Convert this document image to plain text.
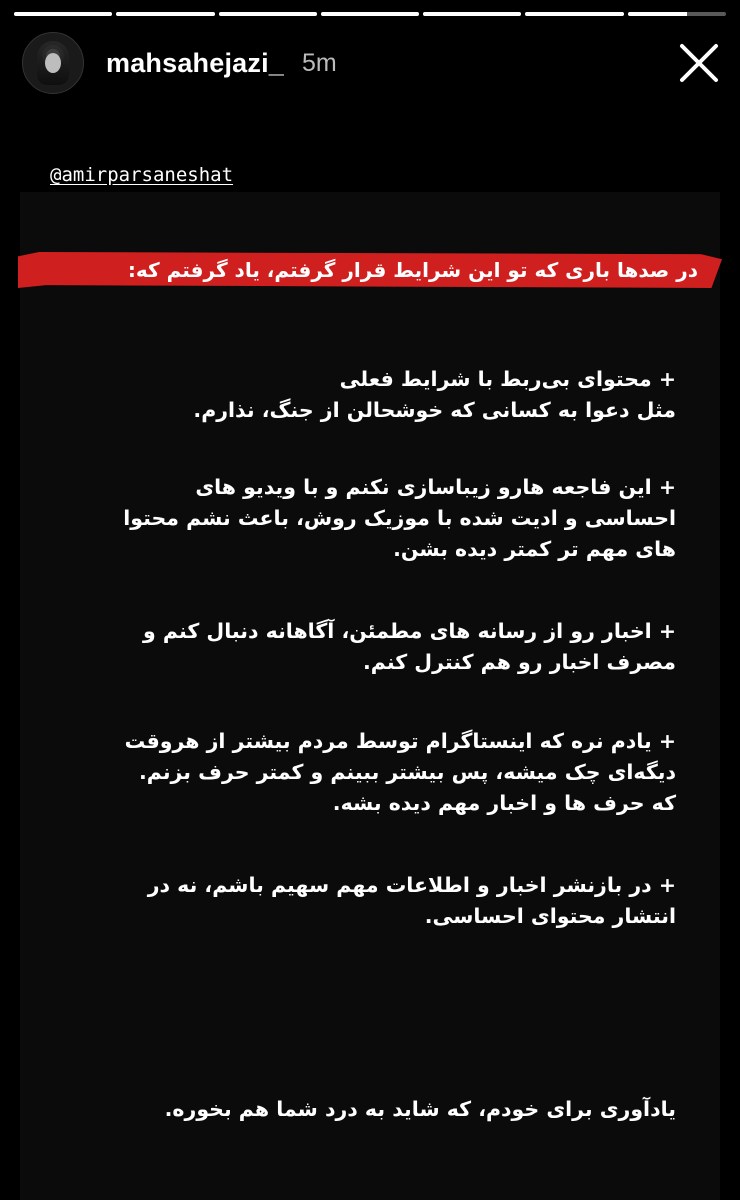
mahsahejazi_ 5m
@amirparsaneshat
در صدها باری که تو این شرایط قرار گرفتم، یاد گرفتم که:

+ محتوای بی‌ربط با شرایط فعلی
مثل دعوا به کسانی که خوشحالن از جنگ، نذارم.

+ این فاجعه هارو زیباسازی نکنم و با ویدیو های
احساسی و ادیت شده با موزیک روش، باعث نشم محتوا
های مهم تر کمتر دیده بشن.

+ اخبار رو از رسانه های مطمئن، آگاهانه دنبال کنم و
مصرف اخبار رو هم کنترل کنم.

+ یادم نره که اینستاگرام توسط مردم بیشتر از هروقت
دیگه‌ای چک میشه، پس بیشتر ببینم و کمتر حرف بزنم.
که حرف ها و اخبار مهم دیده بشه.

+ در بازنشر اخبار و اطلاعات مهم سهیم باشم، نه در
انتشار محتوای احساسی.

یادآوری برای خودم، که شاید به درد شما هم بخوره.
